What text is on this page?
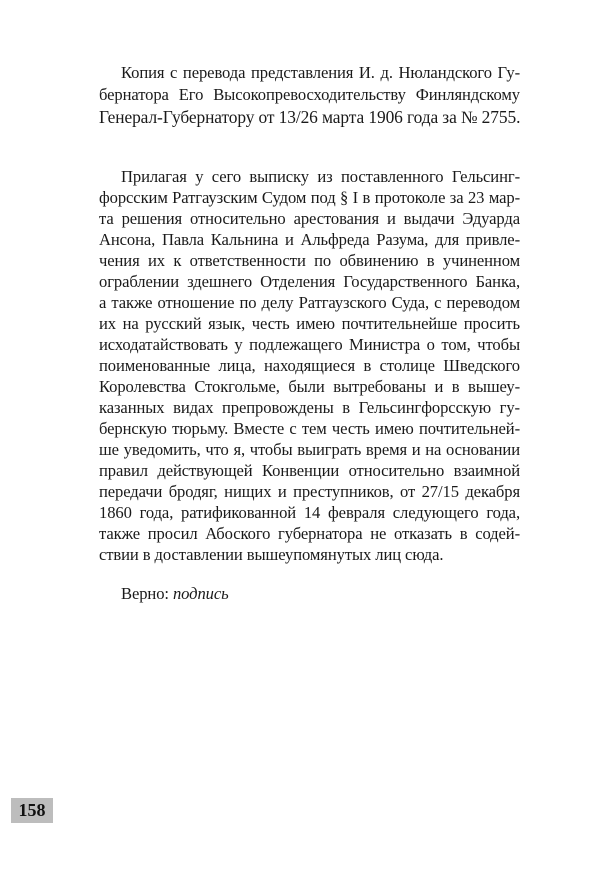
Копия с перевода представления И. д. Нюландского Гу-
бернатора Его Высокопревосходительству Финляндскому
Генерал-Губернатору от 13/26 марта 1906 года за № 2755.
Прилагая у сего выписку из поставленного Гельсинг-
форсским Ратгаузским Судом под § I в протоколе за 23 мар-
та решения относительно арестования и выдачи Эдуарда
Ансона, Павла Кальнина и Альфреда Разума, для привле-
чения их к ответственности по обвинению в учиненном
ограблении здешнего Отделения Государственного Банка,
а также отношение по делу Ратгаузского Суда, с переводом
их на русский язык, честь имею почтительнейше просить
исходатайствовать у подлежащего Министра о том, чтобы
поименованные лица, находящиеся в столице Шведского
Королевства Стокгольме, были вытребованы и в вышеу-
казанных видах препровождены в Гельсингфорсскую гу-
бернскую тюрьму. Вместе с тем честь имею почтительней-
ше уведомить, что я, чтобы выиграть время и на основании
правил действующей Конвенции относительно взаимной
передачи бродяг, нищих и преступников, от 27/15 декабря
1860 года, ратификованной 14 февраля следующего года,
также просил Абоского губернатора не отказать в содей-
ствии в доставлении вышеупомянутых лиц сюда.
Верно: подпись
158
